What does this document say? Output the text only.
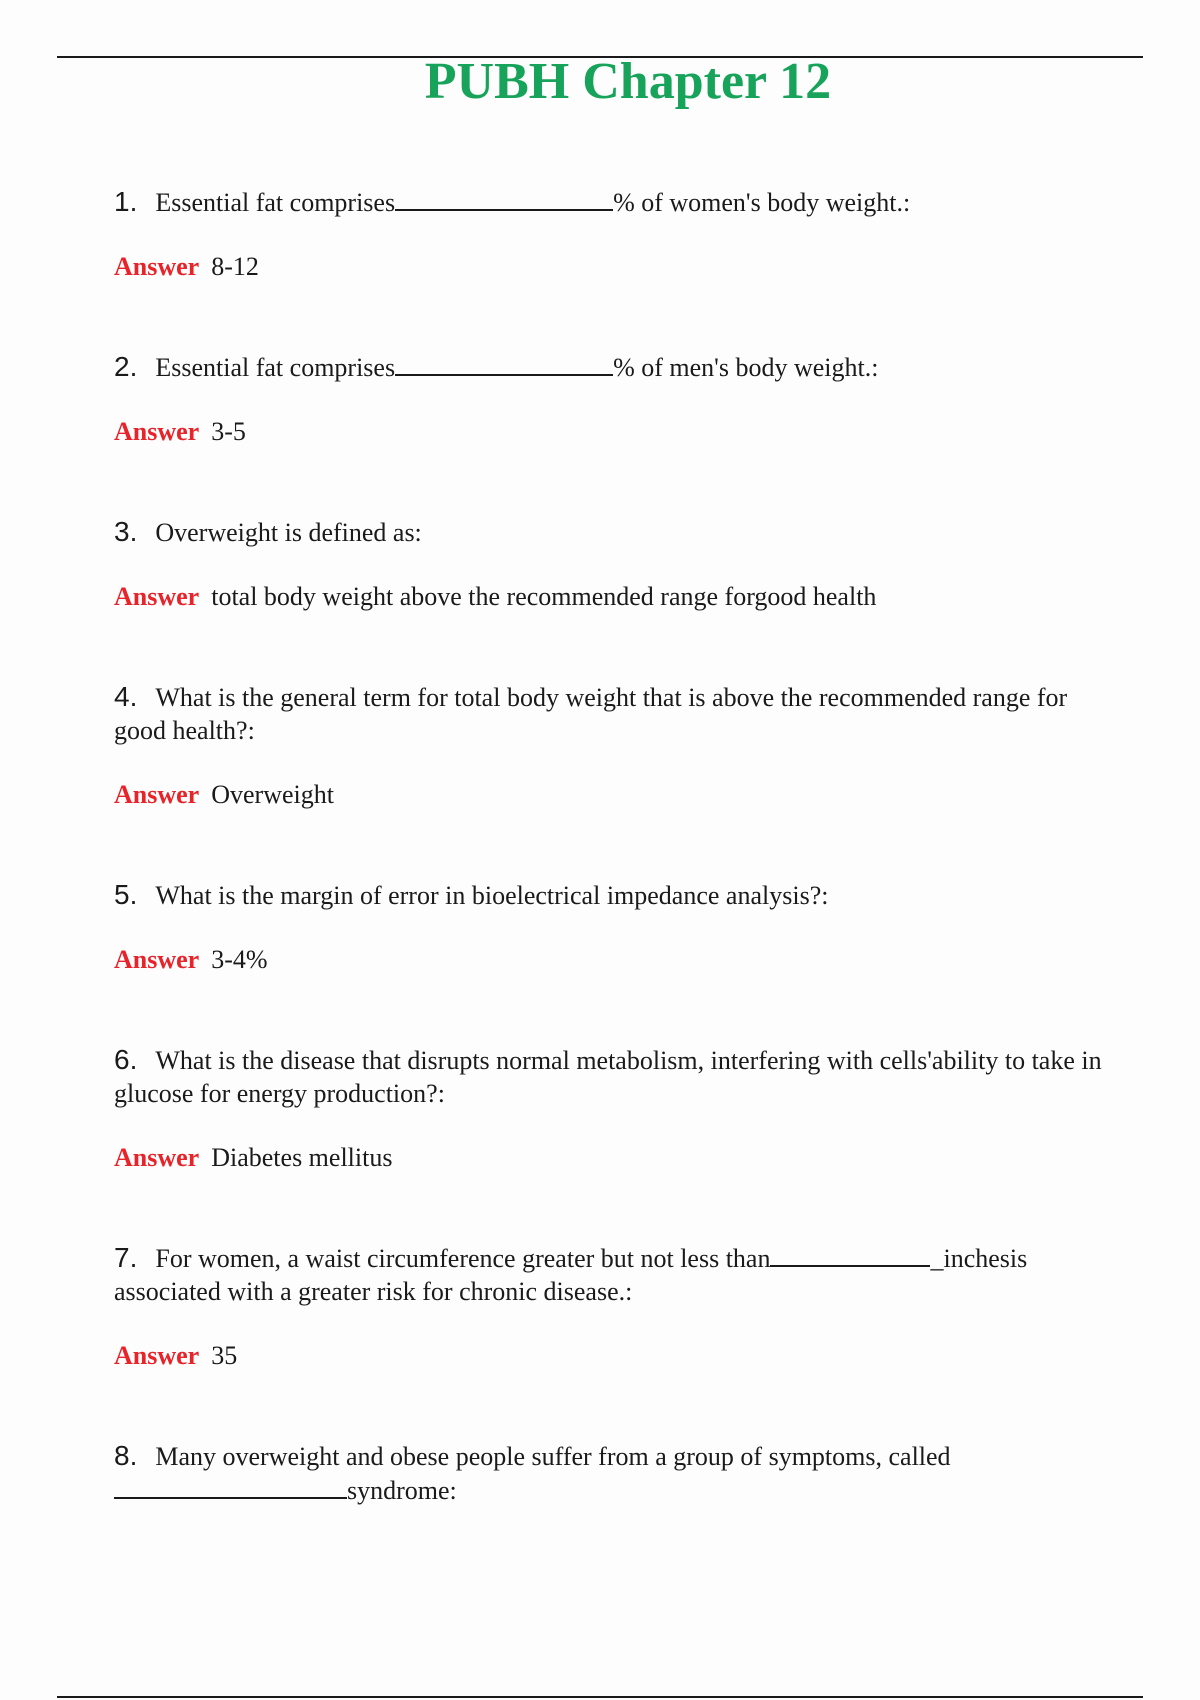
PUBH Chapter 12

1. Essential fat comprises	% of women's body weight.:

Answer 8-12

2. Essential fat comprises	% of men's body weight.:

Answer 3-5

3. Overweight is defined as:

Answer total body weight above the recommended range forgood health

4. What is the general term for total body weight that is above the recommended range for good health?:

Answer Overweight

5. What is the margin of error in bioelectrical impedance analysis?:

Answer 3-4%

6. What is the disease that disrupts normal metabolism, interfering with cells'ability to take in glucose for energy production?:

Answer Diabetes mellitus

7. For women, a waist circumference greater but not less than	_inchesis associated with a greater risk for chronic disease.:

Answer 35

8. Many overweight and obese people suffer from a group of symptoms, called
syndrome:
